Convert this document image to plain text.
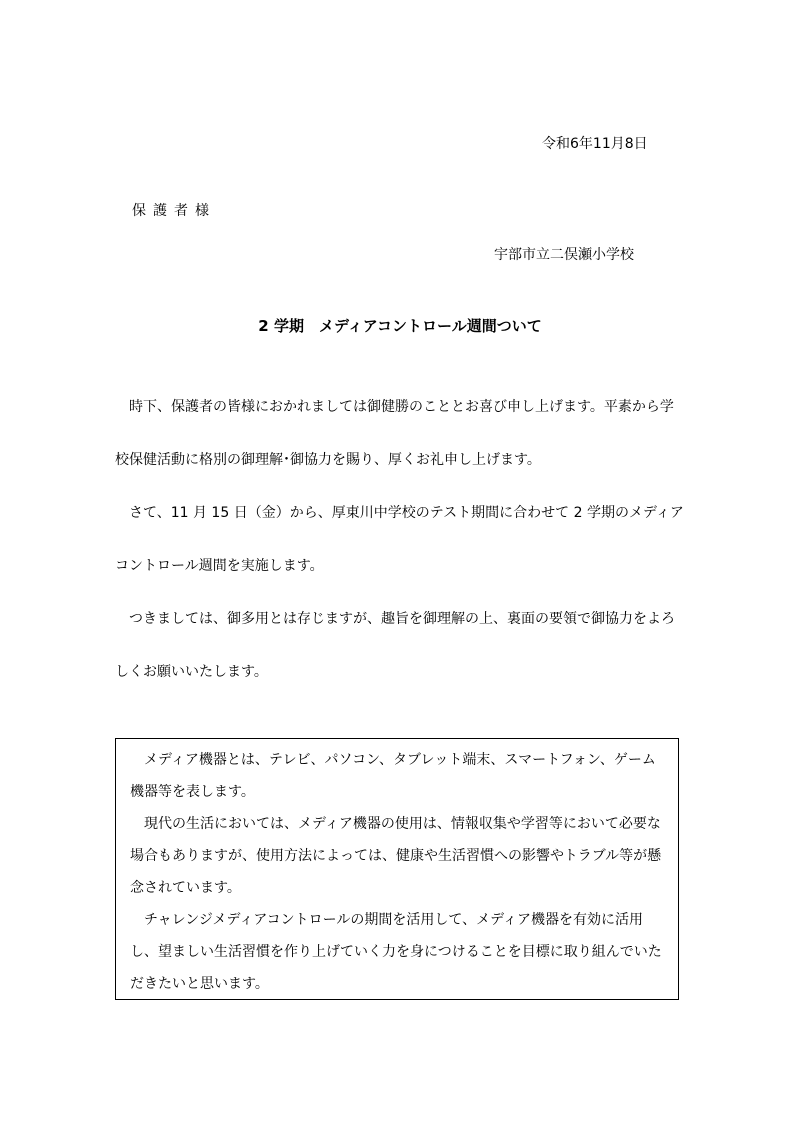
令和6年11月8日
保護者様
宇部市立二俣瀬小学校
2 学期　メディアコントロール週間ついて

時下、保護者の皆様におかれましては御健勝のこととお喜び申し上げます。平素から学校保健活動に格別の御理解･御協力を賜り、厚くお礼申し上げます。

さて、11 月 15 日（金）から、厚東川中学校のテスト期間に合わせて 2 学期のメディアコントロール週間を実施します。

つきましては、御多用とは存じますが、趣旨を御理解の上、裏面の要領で御協力をよろしくお願いいたします。

メディア機器とは、テレビ、パソコン、タブレット端末、スマートフォン、ゲーム機器等を表します。

現代の生活においては、メディア機器の使用は、情報収集や学習等において必要な場合もありますが、使用方法によっては、健康や生活習慣への影響やトラブル等が懸念されています。

チャレンジメディアコントロールの期間を活用して、メディア機器を有効に活用し、望ましい生活習慣を作り上げていく力を身につけることを目標に取り組んでいただきたいと思います。
